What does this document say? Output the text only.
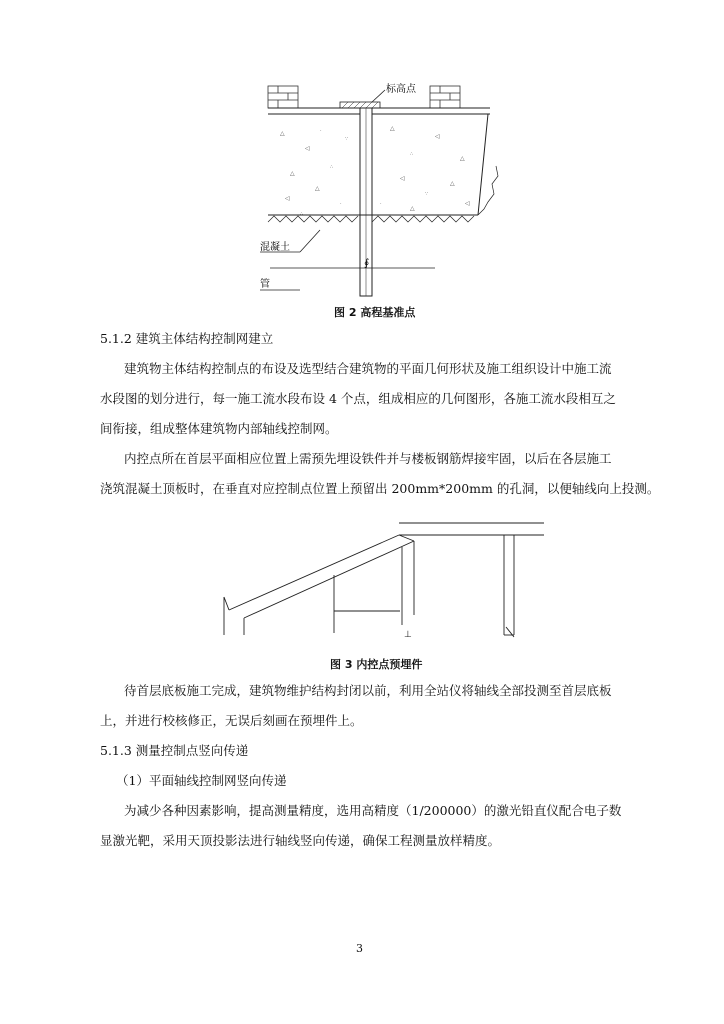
标高点
△
◁
·
△
∴
◁
△
∵
·
△
∴
◁
△
◁
∵
△
·	◁
∴
△
混凝土
∮
管
图 2 高程基准点
5.1.2 建筑主体结构控制网建立
建筑物主体结构控制点的布设及选型结合建筑物的平面几何形状及施工组织设计中施工流
水段图的划分进行，每一施工流水段布设 4 个点，组成相应的几何图形，各施工流水段相互之
间衔接，组成整体建筑物内部轴线控制网。
内控点所在首层平面相应位置上需预先埋设铁件并与楼板钢筋焊接牢固，以后在各层施工
浇筑混凝土顶板时，在垂直对应控制点位置上预留出 200mm*200mm 的孔洞，以便轴线向上投测。
⊥
图 3 内控点预埋件
待首层底板施工完成，建筑物维护结构封闭以前，利用全站仪将轴线全部投测至首层底板
上，并进行校核修正，无误后刻画在预埋件上。
5.1.3 测量控制点竖向传递
（1）平面轴线控制网竖向传递
为减少各种因素影响，提高测量精度，选用高精度（1/200000）的激光铅直仪配合电子数
显激光靶，采用天顶投影法进行轴线竖向传递，确保工程测量放样精度。
3
